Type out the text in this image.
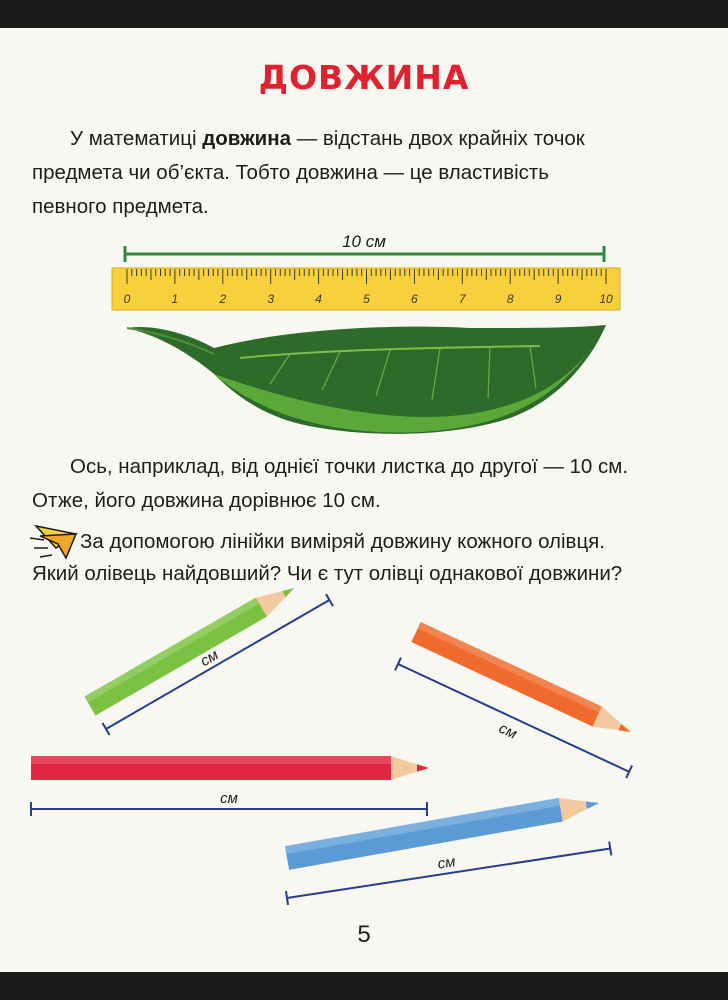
ДОВЖИНА
У математиці довжина — відстань двох крайніх точок
предмета чи об’єкта. Тобто довжина — це властивість
певного предмета.
Ось, наприклад, від однієї точки листка до другої — 10 см.
Отже, його довжина дорівнює 10 см.
За допомогою лінійки виміряй довжину кожного олівця.
Який олівець найдовший? Чи є тут олівці однакової довжини?
10 см
0	1	2	3	4	5	6	7	8	9	10
см
см
см
см
5
